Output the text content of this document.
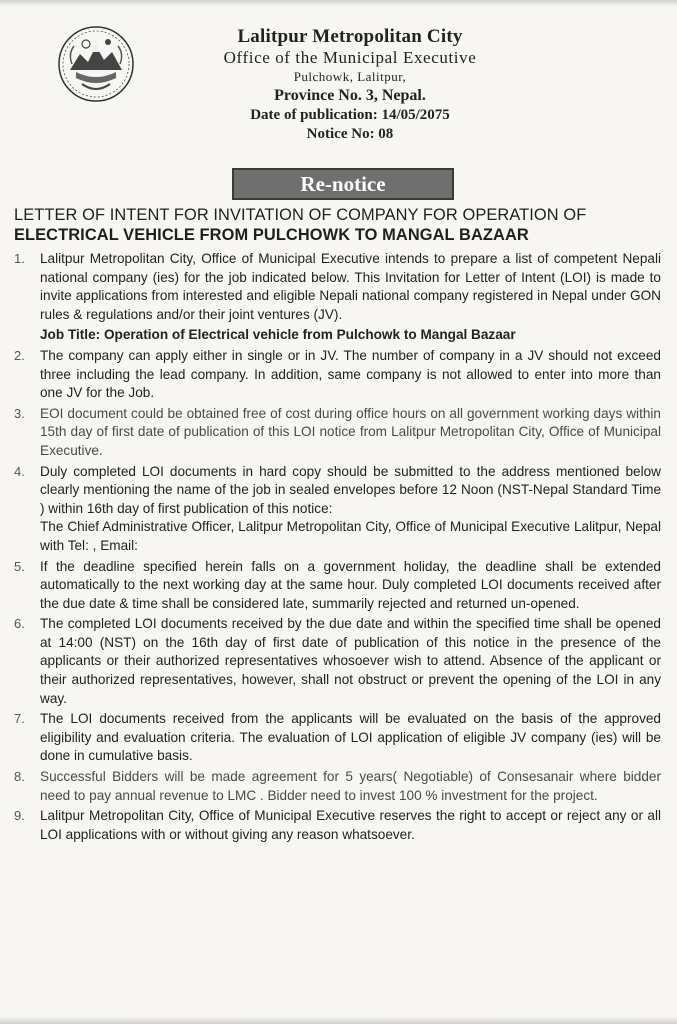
Lalitpur Metropolitan City
Office of the Municipal Executive
Pulchowk, Lalitpur,
Province No. 3, Nepal.
Date of publication: 14/05/2075
Notice No: 08
Re-notice
LETTER OF INTENT FOR INVITATION OF COMPANY FOR OPERATION OF
ELECTRICAL VEHICLE FROM PULCHOWK TO MANGAL BAZAAR
1. Lalitpur Metropolitan City, Office of Municipal Executive intends to prepare a list of competent Nepali national company (ies) for the job indicated below. This Invitation for Letter of Intent (LOI) is made to invite applications from interested and eligible Nepali national company registered in Nepal under GON rules & regulations and/or their joint ventures (JV).
Job Title: Operation of Electrical vehicle from Pulchowk to Mangal Bazaar
2. The company can apply either in single or in JV. The number of company in a JV should not exceed three including the lead company. In addition, same company is not allowed to enter into more than one JV for the Job.
3. EOI document could be obtained free of cost during office hours on all government working days within 15th day of first date of publication of this LOI notice from Lalitpur Metropolitan City, Office of Municipal Executive.
4. Duly completed LOI documents in hard copy should be submitted to the address mentioned below clearly mentioning the name of the job in sealed envelopes before 12 Noon (NST-Nepal Standard Time ) within 16th day of first publication of this notice:
The Chief Administrative Officer, Lalitpur Metropolitan City, Office of Municipal Executive Lalitpur, Nepal with Tel: , Email:
5. If the deadline specified herein falls on a government holiday, the deadline shall be extended automatically to the next working day at the same hour. Duly completed LOI documents received after the due date & time shall be considered late, summarily rejected and returned un-opened.
6. The completed LOI documents received by the due date and within the specified time shall be opened at 14:00 (NST) on the 16th day of first date of publication of this notice in the presence of the applicants or their authorized representatives whosoever wish to attend. Absence of the applicant or their authorized representatives, however, shall not obstruct or prevent the opening of the LOI in any way.
7. The LOI documents received from the applicants will be evaluated on the basis of the approved eligibility and evaluation criteria. The evaluation of LOI application of eligible JV company (ies) will be done in cumulative basis.
8. Successful Bidders will be made agreement for 5 years( Negotiable) of Consesanair where bidder need to pay annual revenue to LMC . Bidder need to invest 100 % investment for the project.
9. Lalitpur Metropolitan City, Office of Municipal Executive reserves the right to accept or reject any or all LOI applications with or without giving any reason whatsoever.
